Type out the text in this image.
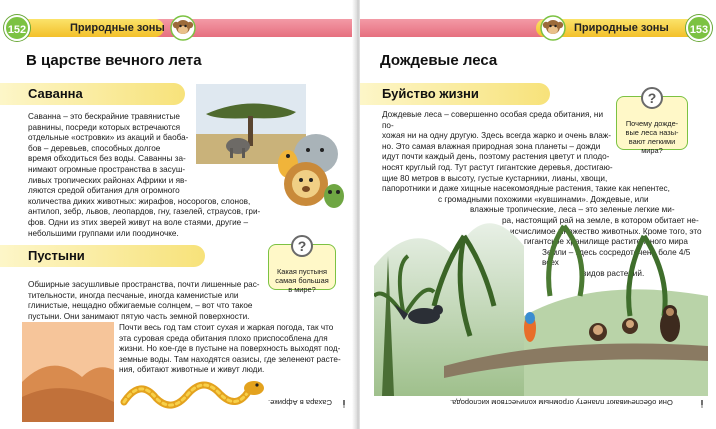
152	Природные зоны
В царстве вечного лета
Саванна
Саванна – это бескрайние травянистые
равнины, посреди которых встречаются
отдельные «островки» из акаций и баоба-
бов – деревьев, способных долгое
время обходиться без воды. Саванны за-
нимают огромные пространства в засуш-
ливых тропических районах Африки и яв-
ляются средой обитания для огромного
количества диких животных: жирафов, носорогов, слонов,
антилоп, зебр, львов, леопардов, гну, газелей, страусов, гри-
фов. Одни из этих зверей живут на воле стаями, другие –
небольшими группами или поодиночке.
Пустыни
?
Какая пустыня
самая большая
в мире?
Обширные засушливые пространства, почти лишенные рас-
тительности, иногда песчаные, иногда каменистые или
глинистые, нещадно обжигаемые солнцем, – вот что такое
пустыни. Они занимают пятую часть земной поверхности.
Почти весь год там стоит сухая и жаркая погода, так что
эта суровая среда обитания плохо приспособлена для
жизни. Но кое-где в пустыне на поверхность выходят под-
земные воды. Там находятся оазисы, где зеленеют расте-
ния, обитают животные и живут люди.
Сахара в Африке. i
Природные зоны	153
Дождевые леса
Буйство жизни	?
Почему дожде-
вые леса назы-
вают легкими
мира?
Дождевые леса – совершенно особая среда обитания, ни по-
хожая ни на одну другую. Здесь всегда жарко и очень влаж-
но. Это самая влажная природная зона планеты – дожди
идут почти каждый день, поэтому растения цветут и плодо-
носят круглый год. Тут растут гигантские деревья, достигаю-
щие 80 метров в высоту, густые кустарники, лианы, хвощи,
папоротники и даже хищные насекомоядные растения, такие как непентес,
с громадными похожими «кувшинами». Дождевые, или
влажные тропические, леса – это зеленые легкие ми-
ра, настоящий рай на земле, в котором обитает не-
исчислимое множество животных. Кроме того, это
гигантское хранилище растительного мира
Земли – здесь сосредоточено боле 4/5 всех
видов растений.
Они обеспечивают планету огромным количеством кислорода.	i
